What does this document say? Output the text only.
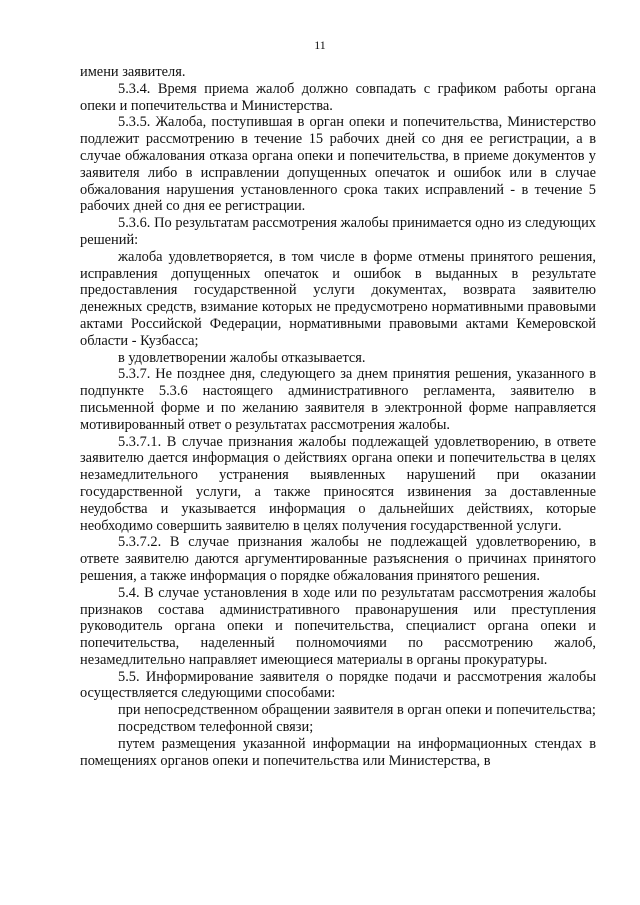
11

имени заявителя.

5.3.4. Время приема жалоб должно совпадать с графиком работы органа опеки и попечительства и Министерства.

5.3.5. Жалоба, поступившая в орган опеки и попечительства, Министерство подлежит рассмотрению в течение 15 рабочих дней со дня ее регистрации, а в случае обжалования отказа органа опеки и попечительства, в приеме документов у заявителя либо в исправлении допущенных опечаток и ошибок или в случае обжалования нарушения установленного срока таких исправлений - в течение 5 рабочих дней со дня ее регистрации.

5.3.6. По результатам рассмотрения жалобы принимается одно из следующих решений:

жалоба удовлетворяется, в том числе в форме отмены принятого решения, исправления допущенных опечаток и ошибок в выданных в результате предоставления государственной услуги документах, возврата заявителю денежных средств, взимание которых не предусмотрено нормативными правовыми актами Российской Федерации, нормативными правовыми актами Кемеровской области - Кузбасса;

в удовлетворении жалобы отказывается.

5.3.7. Не позднее дня, следующего за днем принятия решения, указанного в подпункте 5.3.6 настоящего административного регламента, заявителю в письменной форме и по желанию заявителя в электронной форме направляется мотивированный ответ о результатах рассмотрения жалобы.

5.3.7.1. В случае признания жалобы подлежащей удовлетворению, в ответе заявителю дается информация о действиях органа опеки и попечительства в целях незамедлительного устранения выявленных нарушений при оказании государственной услуги, а также приносятся извинения за доставленные неудобства и указывается информация о дальнейших действиях, которые необходимо совершить заявителю в целях получения государственной услуги.

5.3.7.2. В случае признания жалобы не подлежащей удовлетворению, в ответе заявителю даются аргументированные разъяснения о причинах принятого решения, а также информация о порядке обжалования принятого решения.

5.4. В случае установления в ходе или по результатам рассмотрения жалобы признаков состава административного правонарушения или преступления руководитель органа опеки и попечительства, специалист органа опеки и попечительства, наделенный полномочиями по рассмотрению жалоб, незамедлительно направляет имеющиеся материалы в органы прокуратуры.

5.5. Информирование заявителя о порядке подачи и рассмотрения жалобы осуществляется следующими способами:

при непосредственном обращении заявителя в орган опеки и попечительства;

посредством телефонной связи;

путем размещения указанной информации на информационных стендах в помещениях органов опеки и попечительства или Министерства, в
